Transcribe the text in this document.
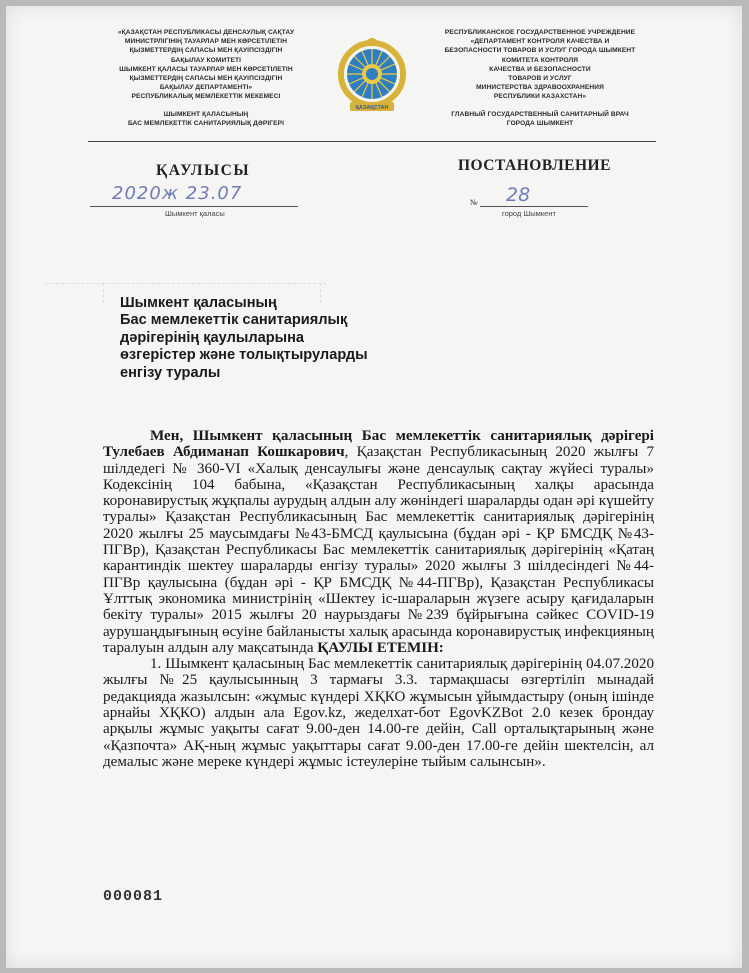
«ҚАЗАҚСТАН РЕСПУБЛИКАСЫ ДЕНСАУЛЫҚ САҚТАУ
МИНИСТРЛІГІНІҢ ТАУАРЛАР МЕН КӨРСЕТІЛЕТІН
ҚЫЗМЕТТЕРДІҢ САПАСЫ МЕН ҚАУІПСІЗДІГІН
БАҚЫЛАУ КОМИТЕТІ
ШЫМКЕНТ ҚАЛАСЫ ТАУАРЛАР МЕН КӨРСЕТІЛЕТІН
ҚЫЗМЕТТЕРДІҢ САПАСЫ МЕН ҚАУІПСІЗДІГІН
БАҚЫЛАУ ДЕПАРТАМЕНТІ»
РЕСПУБЛИКАЛЫҚ МЕМЛЕКЕТТІК МЕКЕМЕСІ
ШЫМКЕНТ ҚАЛАСЫНЫҢ
БАС МЕМЛЕКЕТТІК САНИТАРИЯЛЫҚ ДӘРІГЕРІ
ҚАЗАҚСТАН
РЕСПУБЛИКАНСКОЕ ГОСУДАРСТВЕННОЕ УЧРЕЖДЕНИЕ
«ДЕПАРТАМЕНТ КОНТРОЛЯ КАЧЕСТВА И
БЕЗОПАСНОСТИ ТОВАРОВ И УСЛУГ ГОРОДА ШЫМКЕНТ
КОМИТЕТА КОНТРОЛЯ
КАЧЕСТВА И БЕЗОПАСНОСТИ
ТОВАРОВ И УСЛУГ
МИНИСТЕРСТВА ЗДРАВООХРАНЕНИЯ
РЕСПУБЛИКИ КАЗАХСТАН»
ГЛАВНЫЙ ГОСУДАРСТВЕННЫЙ САНИТАРНЫЙ ВРАЧ
ГОРОДА ШЫМКЕНТ
ҚАУЛЫСЫ	ПОСТАНОВЛЕНИЕ
2020ж 23.07
Шымкент қаласы
№ 28
город Шымкент
Шымкент қаласының
Бас мемлекеттік санитариялық
дәрігерінің қаулыларына
өзгерістер және толықтыруларды
енгізу туралы

Мен, Шымкент қаласының Бас мемлекеттік санитариялық дәрігері Тулебаев Абдиманап Кошкарович, Қазақстан Республикасының 2020 жылғы 7 шілдедегі № 360-VI «Халық денсаулығы және денсаулық сақтау жүйесі туралы» Кодексінің 104 бабына, «Қазақстан Республикасының халқы арасында коронавирустық жұқпалы аурудың алдын алу жөніндегі шараларды одан әрі күшейту туралы» Қазақстан Республикасының Бас мемлекеттік санитариялық дәрігерінің 2020 жылғы 25 маусымдағы №43-БМСД қаулысына (бұдан әрі - ҚР БМСДҚ №43-ПГВр), Қазақстан Республикасы Бас мемлекеттік санитариялық дәрігерінің «Қатаң карантиндік шектеу шараларды енгізу туралы» 2020 жылғы 3 шілдесіндегі №44-ПГВр қаулысына (бұдан әрі - ҚР БМСДҚ №44-ПГВр), Қазақстан Республикасы Ұлттық экономика министрінің «Шектеу іс-шараларын жүзеге асыру қағидаларын бекіту туралы» 2015 жылғы 20 наурыздағы №239 бұйрығына сәйкес COVID-19 аурушаңдығының өсуіне байланысты халық арасында коронавирустық инфекцияның таралуын алдын алу мақсатында ҚАУЛЫ ЕТЕМІН:

1. Шымкент қаласының Бас мемлекеттік санитариялық дәрігерінің 04.07.2020 жылғы №25 қаулысынның 3 тармағы 3.3. тармақшасы өзгертіліп мынадай редакцияда жазылсын: «жұмыс күндері ХҚКО жұмысын ұйымдастыру (оның ішінде арнайы ХҚКО) алдын ала Egov.kz, жеделхат-бот EgovKZBot 2.0 кезек брондау арқылы жұмыс уақыты сағат 9.00-ден 14.00-ге дейін, Call орталықтарының және «Қазпочта» АҚ-ның жұмыс уақыттары сағат 9.00-ден 17.00-ге дейін шектелсін, ал демалыс және мереке күндері жұмыс істеулеріне тыйым салынсын».

000081
